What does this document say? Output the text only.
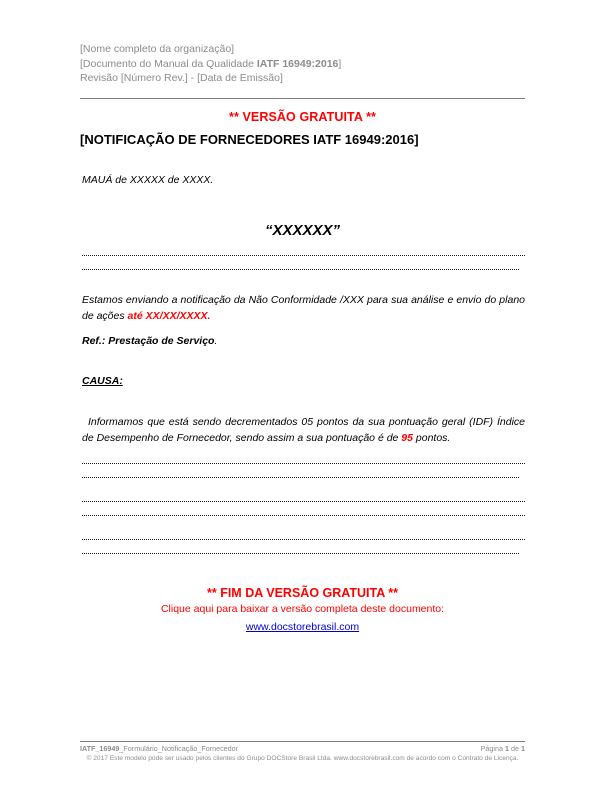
[Nome completo da organização]
[Documento do Manual da Qualidade IATF 16949:2016]
Revisão [Número Rev.] - [Data de Emissão]
** VERSÃO GRATUITA **
[NOTIFICAÇÃO DE FORNECEDORES IATF 16949:2016]
MAUÁ de XXXXX de XXXX.
“XXXXXX”
Estamos enviando a notificação da Não Conformidade /XXX para sua análise e envio do plano de ações até XX/XX/XXXX.
Ref.: Prestação de Serviço.
CAUSA:
Informamos que está sendo decrementados 05 pontos da sua pontuação geral (IDF) Índice de Desempenho de Fornecedor, sendo assim a sua pontuação é de 95 pontos.
** FIM DA VERSÃO GRATUITA **
Clique aqui para baixar a versão completa deste documento:
www.docstorebrasil.com
IATF_16949_Formulário_Notificação_Fornecedor	Página 1 de 1
© 2017 Este modelo pode ser usado pelos clientes do Grupo DOCStore Brasil Ltda. www.docstorebrasil.com de acordo com o Contrato de Licença.
